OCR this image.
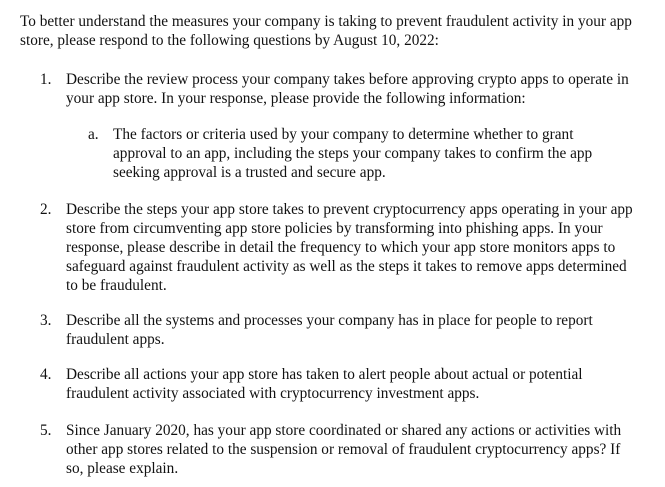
To better understand the measures your company is taking to prevent fraudulent activity in your app store, please respond to the following questions by August 10, 2022:

1. Describe the review process your company takes before approving crypto apps to operate in your app store. In your response, please provide the following information:
a. The factors or criteria used by your company to determine whether to grant approval to an app, including the steps your company takes to confirm the app seeking approval is a trusted and secure app.
2. Describe the steps your app store takes to prevent cryptocurrency apps operating in your app store from circumventing app store policies by transforming into phishing apps. In your response, please describe in detail the frequency to which your app store monitors apps to safeguard against fraudulent activity as well as the steps it takes to remove apps determined to be fraudulent.
3. Describe all the systems and processes your company has in place for people to report fraudulent apps.
4. Describe all actions your app store has taken to alert people about actual or potential fraudulent activity associated with cryptocurrency investment apps.
5. Since January 2020, has your app store coordinated or shared any actions or activities with other app stores related to the suspension or removal of fraudulent cryptocurrency apps? If so, please explain.
